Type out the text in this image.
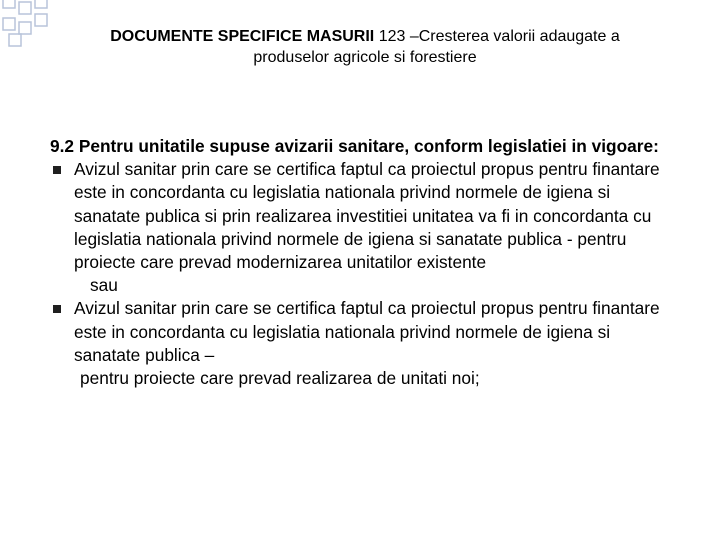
DOCUMENTE SPECIFICE MASURII 123 –Cresterea valorii adaugate a
produselor agricole si forestiere
9.2 Pentru unitatile supuse avizarii sanitare, conform legislatiei in vigoare:
Avizul sanitar prin care se certifica faptul ca proiectul propus pentru finantare este in concordanta cu legislatia nationala privind normele de igiena si sanatate publica si prin realizarea investitiei unitatea va fi in concordanta cu legislatia nationala privind normele de igiena si sanatate publica - pentru proiecte care prevad modernizarea unitatilor existente
sau
Avizul sanitar prin care se certifica faptul ca proiectul propus pentru finantare este in concordanta cu legislatia nationala privind normele de igiena si sanatate publica –
pentru proiecte care prevad realizarea de unitati noi;
